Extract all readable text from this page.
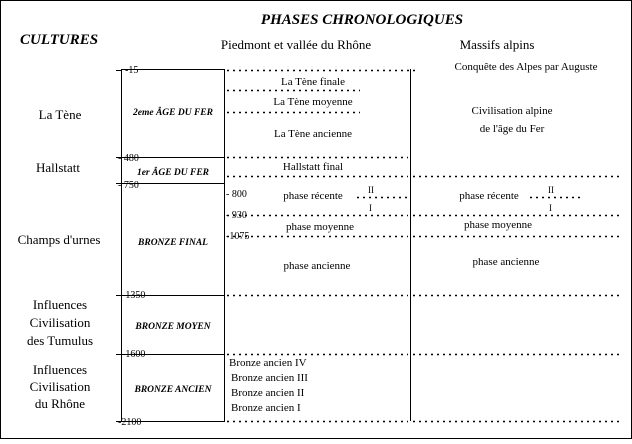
PHASES CHRONOLOGIQUES
CULTURES	Piedmont et vallée du Rhône	Massifs alpins
-15
- 480
- 750
- 800
- 930
-1075
-1350
-1600
-2100
La Tène
Hallstatt
Champs d'urnes
Influences
Civilisation
des Tumulus
Influences
Civilisation
du Rhône
2eme ÂGE DU FER
1er ÂGE DU FER
BRONZE FINAL
BRONZE MOYEN
BRONZE ANCIEN
La Tène finale
La Tène moyenne
La Tène ancienne
Hallstatt final
phase récente
phase moyenne
phase ancienne
II
I
II
I
Conquête des Alpes par Auguste
Civilisation alpine
de l'âge du Fer
phase récente
phase moyenne
phase ancienne
Bronze ancien IV
Bronze ancien III
Bronze ancien II
Bronze ancien I
